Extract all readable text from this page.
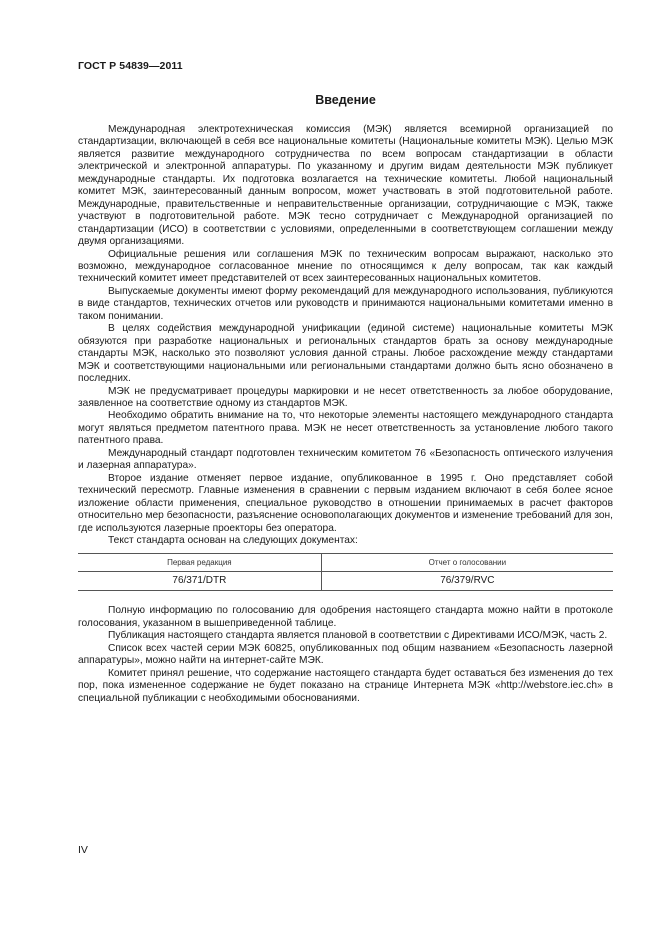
ГОСТ Р 54839—2011
Введение

Международная электротехническая комиссия (МЭК) является всемирной организацией по стандартизации, включающей в себя все национальные комитеты (Национальные комитеты МЭК). Целью МЭК является развитие международного сотрудничества по всем вопросам стандартизации в области электрической и электронной аппаратуры. По указанному и другим видам деятельности МЭК публикует международные стандарты. Их подготовка возлагается на технические комитеты. Любой национальный комитет МЭК, заинтересованный данным вопросом, может участвовать в этой подготовительной работе. Международные, правительственные и неправительственные организации, сотрудничающие с МЭК, также участвуют в подготовительной работе. МЭК тесно сотрудничает с Международной организацией по стандартизации (ИСО) в соответствии с условиями, определенными в соответствующем соглашении между двумя организациями.

Официальные решения или соглашения МЭК по техническим вопросам выражают, насколько это возможно, международное согласованное мнение по относящимся к делу вопросам, так как каждый технический комитет имеет представителей от всех заинтересованных национальных комитетов.

Выпускаемые документы имеют форму рекомендаций для международного использования, публикуются в виде стандартов, технических отчетов или руководств и принимаются национальными комитетами именно в таком понимании.

В целях содействия международной унификации (единой системе) национальные комитеты МЭК обязуются при разработке национальных и региональных стандартов брать за основу международные стандарты МЭК, насколько это позволяют условия данной страны. Любое расхождение между стандартами МЭК и соответствующими национальными или региональными стандартами должно быть ясно обозначено в последних.

МЭК не предусматривает процедуры маркировки и не несет ответственность за любое оборудование, заявленное на соответствие одному из стандартов МЭК.

Необходимо обратить внимание на то, что некоторые элементы настоящего международного стандарта могут являться предметом патентного права. МЭК не несет ответственность за установление любого такого патентного права.

Международный стандарт подготовлен техническим комитетом 76 «Безопасность оптического излучения и лазерная аппаратура».

Второе издание отменяет первое издание, опубликованное в 1995 г. Оно представляет собой технический пересмотр. Главные изменения в сравнении с первым изданием включают в себя более ясное изложение области применения, специальное руководство в отношении принимаемых в расчет факторов относительно мер безопасности, разъяснение основополагающих документов и изменение требований для зон, где используются лазерные проекторы без оператора.

Текст стандарта основан на следующих документах:

Первая редакция	Отчет о голосовании
76/371/DTR	76/379/RVC

Полную информацию по голосованию для одобрения настоящего стандарта можно найти в протоколе голосования, указанном в вышеприведенной таблице.

Публикация настоящего стандарта является плановой в соответствии с Директивами ИСО/МЭК, часть 2.

Список всех частей серии МЭК 60825, опубликованных под общим названием «Безопасность лазерной аппаратуры», можно найти на интернет-сайте МЭК.

Комитет принял решение, что содержание настоящего стандарта будет оставаться без изменения до тех пор, пока измененное содержание не будет показано на странице Интернета МЭК «http://webstore.iec.ch» в специальной публикации с необходимыми обоснованиями.

IV
